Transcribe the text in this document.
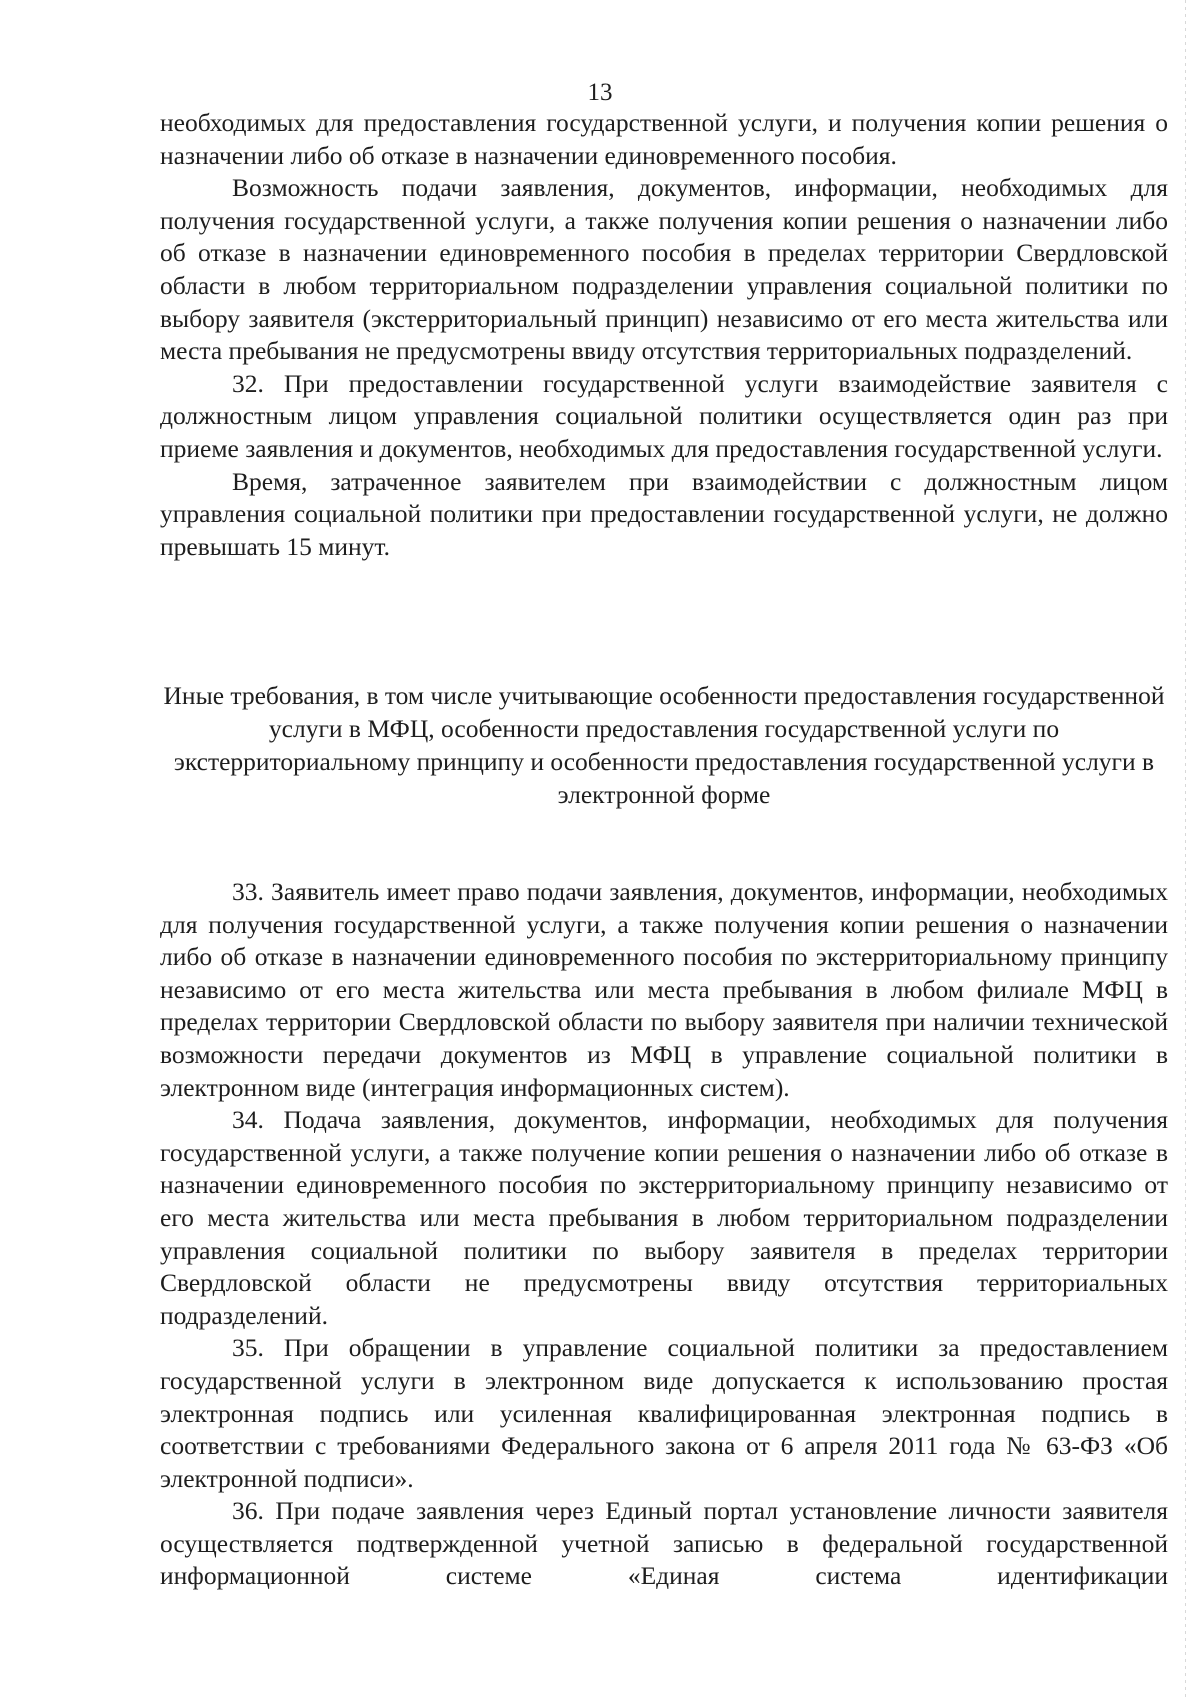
13

необходимых для предоставления государственной услуги, и получения копии решения о назначении либо об отказе в назначении единовременного пособия.

Возможность подачи заявления, документов, информации, необходимых для получения государственной услуги, а также получения копии решения о назначении либо об отказе в назначении единовременного пособия в пределах территории Свердловской области в любом территориальном подразделении управления социальной политики по выбору заявителя (экстерриториальный принцип) независимо от его места жительства или места пребывания не предусмотрены ввиду отсутствия территориальных подразделений.

32. При предоставлении государственной услуги взаимодействие заявителя с должностным лицом управления социальной политики осуществляется один раз при приеме заявления и документов, необходимых для предоставления государственной услуги.

Время, затраченное заявителем при взаимодействии с должностным лицом управления социальной политики при предоставлении государственной услуги, не должно превышать 15 минут.

Иные требования, в том числе учитывающие особенности предоставления государственной услуги в МФЦ, особенности предоставления государственной услуги по экстерриториальному принципу и особенности предоставления государственной услуги в электронной форме

33. Заявитель имеет право подачи заявления, документов, информации, необходимых для получения государственной услуги, а также получения копии решения о назначении либо об отказе в назначении единовременного пособия по экстерриториальному принципу независимо от его места жительства или места пребывания в любом филиале МФЦ в пределах территории Свердловской области по выбору заявителя при наличии технической возможности передачи документов из МФЦ в управление социальной политики в электронном виде (интеграция информационных систем).

34. Подача заявления, документов, информации, необходимых для получения государственной услуги, а также получение копии решения о назначении либо об отказе в назначении единовременного пособия по экстерриториальному принципу независимо от его места жительства или места пребывания в любом территориальном подразделении управления социальной политики по выбору заявителя в пределах территории Свердловской области не предусмотрены ввиду отсутствия территориальных подразделений.

35. При обращении в управление социальной политики за предоставлением государственной услуги в электронном виде допускается к использованию простая электронная подпись или усиленная квалифицированная электронная подпись в соответствии с требованиями Федерального закона от 6 апреля 2011 года № 63-ФЗ «Об электронной подписи».

36. При подаче заявления через Единый портал установление личности заявителя осуществляется подтвержденной учетной записью в федеральной государственной информационной системе «Единая система идентификации
